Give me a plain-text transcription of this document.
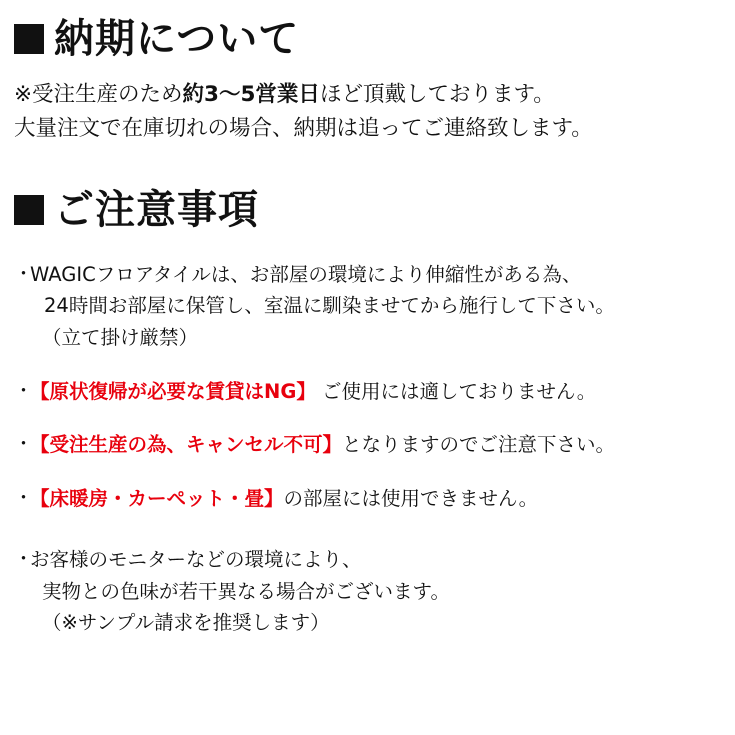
納期について
※受注生産のため約3〜5営業日ほど頂戴しております。
大量注文で在庫切れの場合、納期は追ってご連絡致します。
ご注意事項
・
WAGICフロアタイルは、お部屋の環境により伸縮性がある為、
24時間お部屋に保管し、室温に馴染ませてから施行して下さい。
（立て掛け厳禁）
・
【原状復帰が必要な賃貸はNG】 ご使用には適しておりません。
・
【受注生産の為、キャンセル不可】となりますのでご注意下さい。
・
【床暖房・カーペット・畳】の部屋には使用できません。
・
お客様のモニターなどの環境により、
実物との色味が若干異なる場合がございます。
（※サンプル請求を推奨します）
